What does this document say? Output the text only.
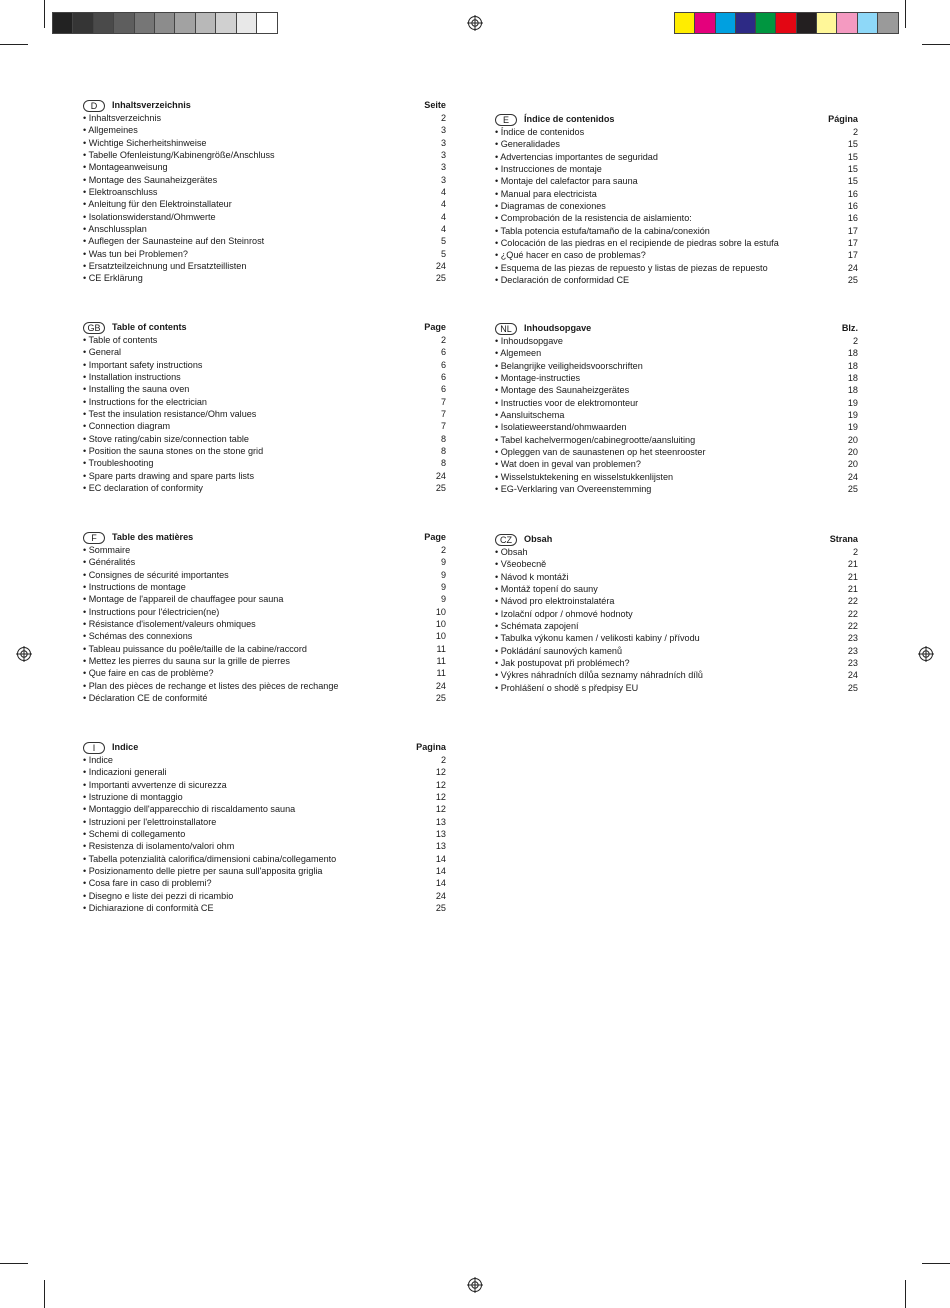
D	Inhaltsverzeichnis	Seite
• Inhaltsverzeichnis	2
• Allgemeines	3
• Wichtige Sicherheitshinweise	3
• Tabelle Ofenleistung/Kabinengröße/Anschluss	3
• Montageanweisung	3
• Montage des Saunaheizgerätes	3
• Elektroanschluss	4
• Anleitung für den Elektroinstallateur	4
• Isolationswiderstand/Ohmwerte	4
• Anschlussplan	4
• Auflegen der Saunasteine auf den Steinrost	5
• Was tun bei Problemen?	5
• Ersatzteilzeichnung und Ersatzteillisten	24
• CE Erklärung	25
E	Índice de contenidos	Página
• Índice de contenidos	2
• Generalidades	15
• Advertencias importantes de seguridad	15
• Instrucciones de montaje	15
• Montaje del calefactor para sauna	15
• Manual para electricista	16
• Diagramas de conexiones	16
• Comprobación de la resistencia de aislamiento:	16
• Tabla potencia estufa/tamaño de la cabina/conexión	17
• Colocación de las piedras en el recipiende de piedras sobre la estufa	17
• ¿Qué hacer en caso de problemas?	17
• Esquema de las piezas de repuesto y listas de piezas de repuesto	24
• Declaración de conformidad CE	25
GB	Table of contents	Page
• Table of contents	2
• General	6
• Important safety instructions	6
• Installation instructions	6
• Installing the sauna oven	6
• Instructions for the electrician	7
• Test the insulation resistance/Ohm values	7
• Connection diagram	7
• Stove rating/cabin size/connection table	8
• Position the sauna stones on the stone grid	8
• Troubleshooting	8
• Spare parts drawing and spare parts lists	24
• EC declaration of conformity	25
NL	Inhoudsopgave	Blz.
• Inhoudsopgave	2
• Algemeen	18
• Belangrijke veiligheidsvoorschriften	18
• Montage-instructies	18
• Montage des Saunaheizgerätes	18
• Instructies voor de elektromonteur	19
• Aansluitschema	19
• Isolatieweerstand/ohmwaarden	19
• Tabel kachelvermogen/cabinegrootte/aansluiting	20
• Opleggen van de saunastenen op het steenrooster	20
• Wat doen in geval van problemen?	20
• Wisselstuktekening en wisselstukkenlijsten	24
• EG-Verklaring van Overeenstemming	25
F	Table des matières	Page
• Sommaire	2
• Généralités	9
• Consignes de sécurité importantes	9
• Instructions de montage	9
• Montage de l'appareil de chauffagee pour sauna	9
• Instructions pour l'électricien(ne)	10
• Résistance d'isolement/valeurs ohmiques	10
• Schémas des connexions	10
• Tableau puissance du poêle/taille de la cabine/raccord	11
• Mettez les pierres du sauna sur la grille de pierres	11
• Que faire en cas de problème?	11
• Plan des pièces de rechange et listes des pièces de rechange	24
• Déclaration CE de conformité	25
CZ	Obsah	Strana
• Obsah	2
• Všeobecně	21
• Návod k montáži	21
• Montáž topení do sauny	21
• Návod pro elektroinstalatéra	22
• Izolační odpor / ohmové hodnoty	22
• Schémata zapojení	22
• Tabulka výkonu kamen / velikosti kabiny / přívodu	23
• Pokládání saunových kamenů	23
• Jak postupovat při problémech?	23
• Výkres náhradních dílůa seznamy náhradních dílů	24
• Prohlášení o shodě s předpisy EU	25
I	Indice	Pagina
• Indice	2
• Indicazioni generali	12
• Importanti avvertenze di sicurezza	12
• Istruzione di montaggio	12
• Montaggio dell'apparecchio di riscaldamento sauna	12
• Istruzioni per l'elettroinstallatore	13
• Schemi di collegamento	13
• Resistenza di isolamento/valori ohm	13
• Tabella potenzialità calorifica/dimensioni cabina/collegamento	14
• Posizionamento delle pietre per sauna sull'apposita griglia	14
• Cosa fare in caso di problemi?	14
• Disegno e liste dei pezzi di ricambio	24
• Dichiarazione di conformità CE	25
